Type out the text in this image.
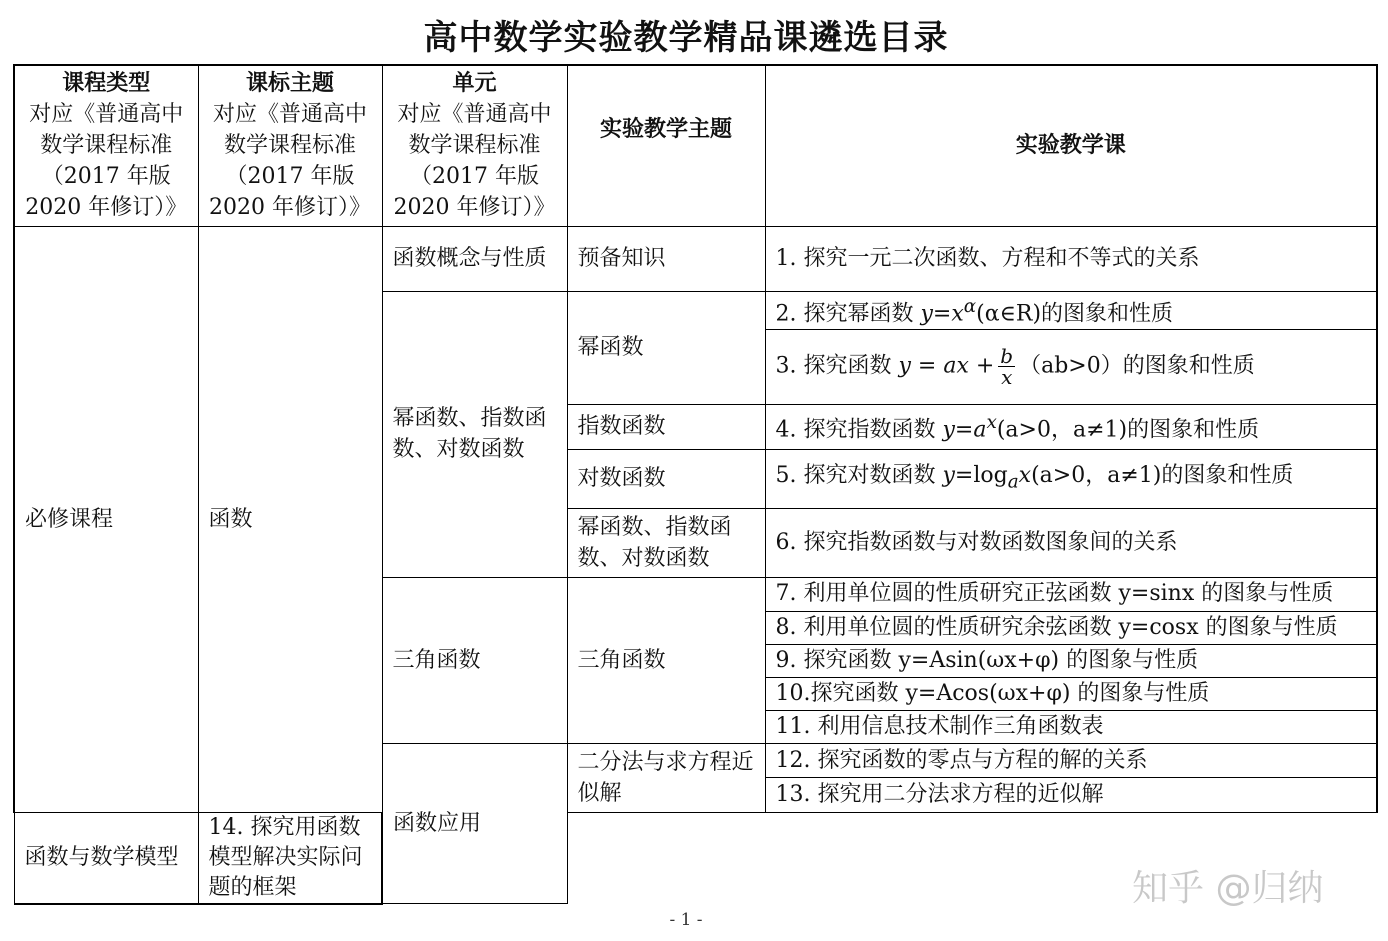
高中数学实验教学精品课遴选目录
课程类型
对应《普通高中
数学课程标准
（2017 年版
2020 年修订）》	课标主题
对应《普通高中
数学课程标准
（2017 年版
2020 年修订）》	单元
对应《普通高中
数学课程标准
（2017 年版
2020 年修订）》	实验教学主题	实验教学课

必修课程	函数	函数概念与性质	预备知识	1. 探究一元二次函数、方程和不等式的关系
		幂函数、指数函数、对数函数	幂函数	2. 探究幂函数 $y=x^\alpha(\alpha\in R)$的图象和性质
				3. 探究函数 y = ax + $\frac{b}{x} (ab>0)$的图象和性质
			指数函数	4. 探究指数函数 $y=a^x(a>0$，a≠1)的图象和性质
			对数函数	5. 探究对数函数 $y=\log_ax(a>0$，a≠1)的图象和性质
			幂函数、指数函数、对数函数	6. 探究指数函数与对数函数图象间的关系
		三角函数	三角函数	7. 利用单位圆的性质研究正弦函数 y=sinx 的图象与性质
				8. 利用单位圆的性质研究余弦函数 y=cosx 的图象与性质
				9. 探究函数 y=Asin(ωx+φ) 的图象与性质
				10.探究函数 y=Acos(ωx+φ) 的图象与性质
				11. 利用信息技术制作三角函数表
		函数应用	二分法与求方程近似解	12. 探究函数的零点与方程的解的关系
				13. 探究用二分法求方程的近似解
函数与数学模型	14. 探究用函数模型解决实际问题的框架				知乎 @归纳
- 1 -
